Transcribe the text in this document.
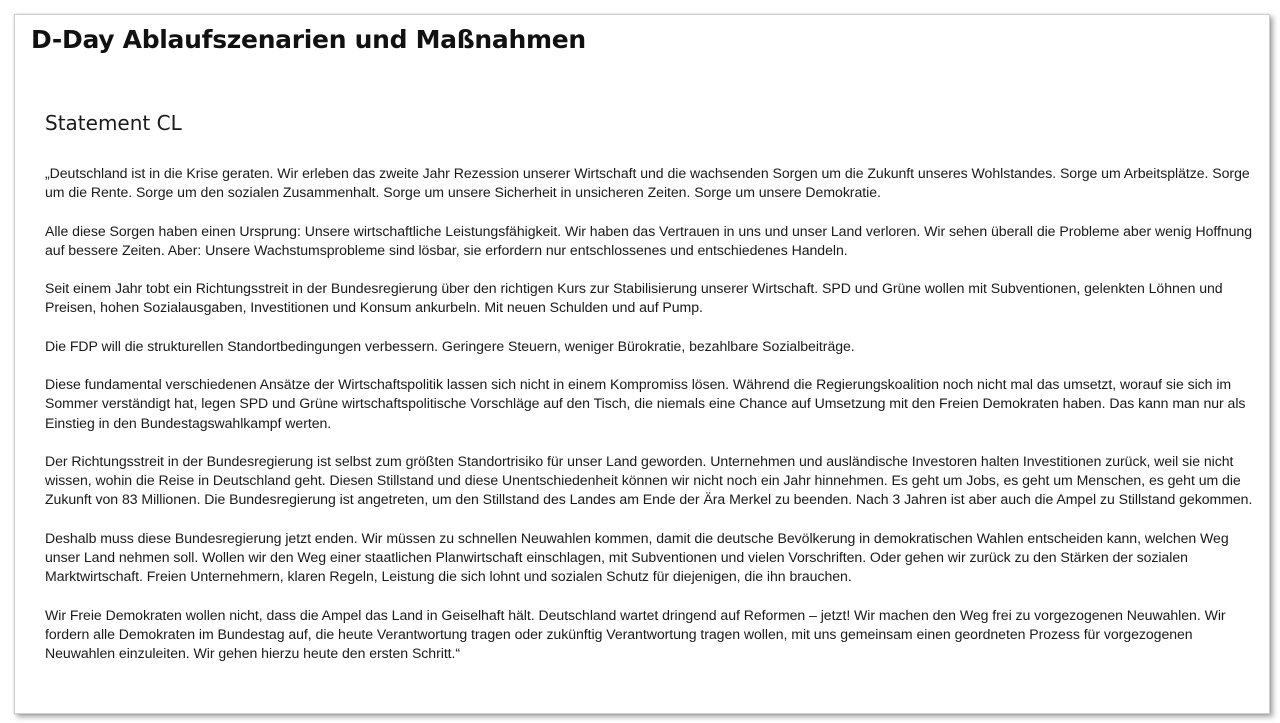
D-Day Ablaufszenarien und Maßnahmen
Statement CL

„Deutschland ist in die Krise geraten. Wir erleben das zweite Jahr Rezession unserer Wirtschaft und die wachsenden Sorgen um die Zukunft unseres Wohlstandes. Sorge um Arbeitsplätze. Sorge um die Rente. Sorge um den sozialen Zusammenhalt. Sorge um unsere Sicherheit in unsicheren Zeiten. Sorge um unsere Demokratie.

Alle diese Sorgen haben einen Ursprung: Unsere wirtschaftliche Leistungsfähigkeit. Wir haben das Vertrauen in uns und unser Land verloren. Wir sehen überall die Probleme aber wenig Hoffnung auf bessere Zeiten. Aber: Unsere Wachstumsprobleme sind lösbar, sie erfordern nur entschlossenes und entschiedenes Handeln.

Seit einem Jahr tobt ein Richtungsstreit in der Bundesregierung über den richtigen Kurs zur Stabilisierung unserer Wirtschaft. SPD und Grüne wollen mit Subventionen, gelenkten Löhnen und Preisen, hohen Sozialausgaben, Investitionen und Konsum ankurbeln. Mit neuen Schulden und auf Pump.

Die FDP will die strukturellen Standortbedingungen verbessern. Geringere Steuern, weniger Bürokratie, bezahlbare Sozialbeiträge.

Diese fundamental verschiedenen Ansätze der Wirtschaftspolitik lassen sich nicht in einem Kompromiss lösen. Während die Regierungskoalition noch nicht mal das umsetzt, worauf sie sich im Sommer verständigt hat, legen SPD und Grüne wirtschaftspolitische Vorschläge auf den Tisch, die niemals eine Chance auf Umsetzung mit den Freien Demokraten haben. Das kann man nur als Einstieg in den Bundestagswahlkampf werten.

Der Richtungsstreit in der Bundesregierung ist selbst zum größten Standortrisiko für unser Land geworden. Unternehmen und ausländische Investoren halten Investitionen zurück, weil sie nicht wissen, wohin die Reise in Deutschland geht. Diesen Stillstand und diese Unentschiedenheit können wir nicht noch ein Jahr hinnehmen. Es geht um Jobs, es geht um Menschen, es geht um die Zukunft von 83 Millionen. Die Bundesregierung ist angetreten, um den Stillstand des Landes am Ende der Ära Merkel zu beenden. Nach 3 Jahren ist aber auch die Ampel zu Stillstand gekommen.

Deshalb muss diese Bundesregierung jetzt enden. Wir müssen zu schnellen Neuwahlen kommen, damit die deutsche Bevölkerung in demokratischen Wahlen entscheiden kann, welchen Weg unser Land nehmen soll. Wollen wir den Weg einer staatlichen Planwirtschaft einschlagen, mit Subventionen und vielen Vorschriften. Oder gehen wir zurück zu den Stärken der sozialen Marktwirtschaft. Freien Unternehmern, klaren Regeln, Leistung die sich lohnt und sozialen Schutz für diejenigen, die ihn brauchen.

Wir Freie Demokraten wollen nicht, dass die Ampel das Land in Geiselhaft hält. Deutschland wartet dringend auf Reformen – jetzt! Wir machen den Weg frei zu vorgezogenen Neuwahlen. Wir fordern alle Demokraten im Bundestag auf, die heute Verantwortung tragen oder zukünftig Verantwortung tragen wollen, mit uns gemeinsam einen geordneten Prozess für vorgezogenen Neuwahlen einzuleiten. Wir gehen hierzu heute den ersten Schritt.“
